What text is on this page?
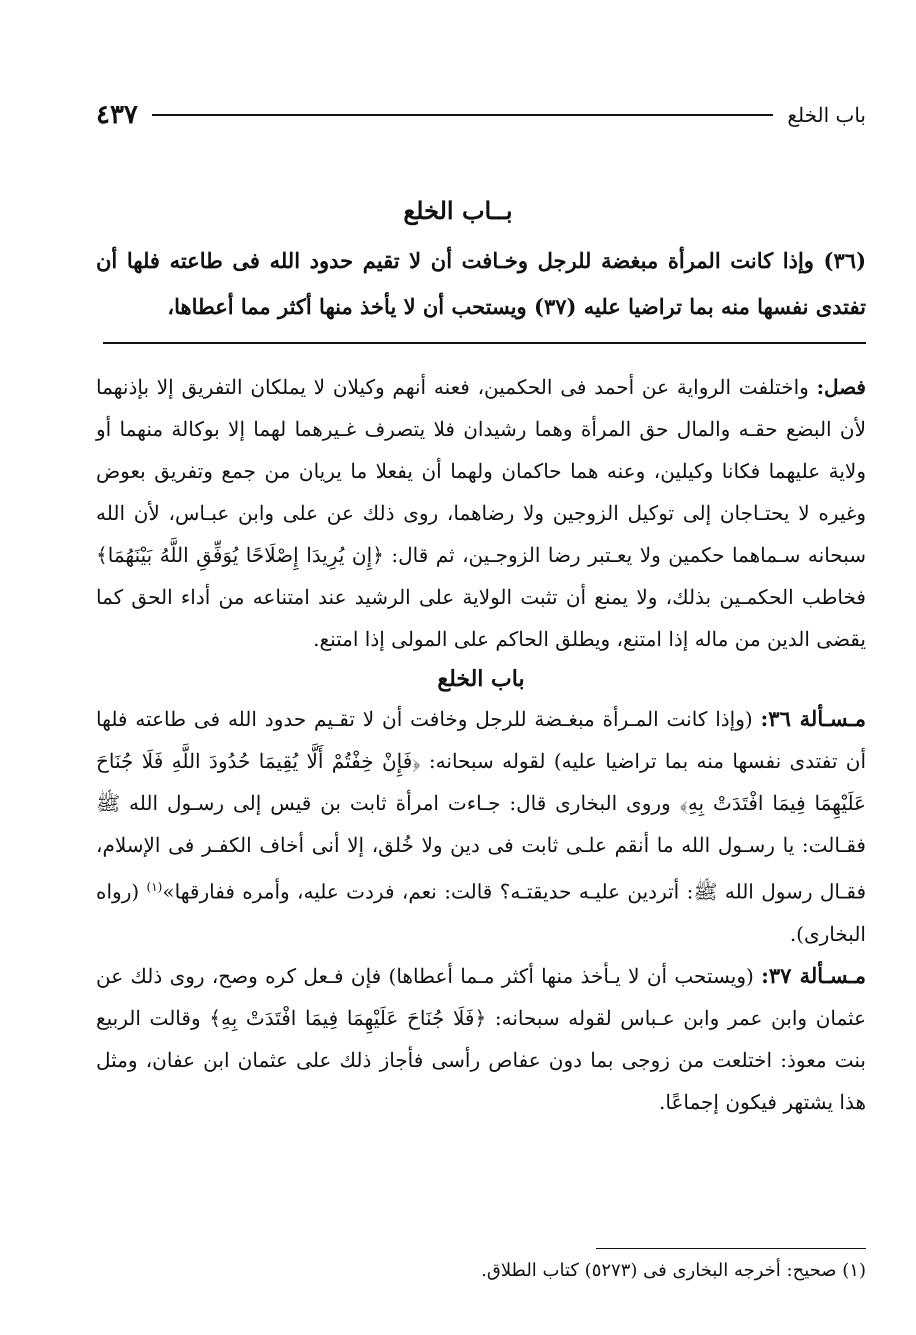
باب الخلع
٤٣٧
بــاب الخلع
(٣٦) وإذا كانت المرأة مبغضة للرجل وخـافت أن لا تقيم حدود الله فى طاعته فلها أن تفتدى نفسها منه بما تراضيا عليه (٣٧) ويستحب أن لا يأخذ منها أكثر مما أعطاها،

فصل: واختلفت الرواية عن أحمد فى الحكمين، فعنه أنهم وكيلان لا يملكان التفريق إلا بإذنهما لأن البضع حقـه والمال حق المرأة وهما رشيدان فلا يتصرف غـيرهما لهما إلا بوكالة منهما أو ولاية عليهما فكانا وكيلين، وعنه هما حاكمان ولهما أن يفعلا ما يريان من جمع وتفريق بعوض وغيره لا يحتـاجان إلى توكيل الزوجين ولا رضاهما، روى ذلك عن على وابن عبـاس، لأن الله سبحانه سـماهما حكمين ولا يعـتبر رضا الزوجـين، ثم قال: ﴿إِن يُرِيدَا إِصْلَاحًا يُوَفِّقِ اللَّهُ بَيْنَهُمَا﴾ فخاطب الحكمـين بذلك، ولا يمنع أن تثبت الولاية على الرشيد عند امتناعه من أداء الحق كما يقضى الدين من ماله إذا امتنع، ويطلق الحاكم على المولى إذا امتنع.

باب الخلع

مـسـألة ٣٦: (وإذا كانت المـرأة مبغـضة للرجل وخافت أن لا تقـيم حدود الله فى طاعته فلها أن تفتدى نفسها منه بما تراضيا عليه) لقوله سبحانه: ﴿فَإِنْ خِفْتُمْ أَلَّا يُقِيمَا حُدُودَ اللَّهِ فَلَا جُنَاحَ عَلَيْهِمَا فِيمَا افْتَدَتْ بِهِ﴾ وروى البخارى قال: جـاءت امرأة ثابت بن قيس إلى رسـول الله ﷺ فقـالت: يا رسـول الله ما أنقم علـى ثابت فى دين ولا خُلق، إلا أنى أخاف الكفـر فى الإسلام، فقـال رسول الله ﷺ: أتردين عليـه حديقتـه؟ قالت: نعم، فردت عليه، وأمره ففارقها»$^{(١)}$ (رواه البخارى).

مـسـألة ٣٧: (ويستحب أن لا يـأخذ منها أكثر مـما أعطاها) فإن فـعل كره وصح، روى ذلك عن عثمان وابن عمر وابن عـباس لقوله سبحانه: ﴿فَلَا جُنَاحَ عَلَيْهِمَا فِيمَا افْتَدَتْ بِهِ﴾ وقالت الربيع بنت معوذ: اختلعت من زوجى بما دون عفاص رأسى فأجاز ذلك على عثمان ابن عفان، ومثل هذا يشتهر فيكون إجماعًا.

(١) صحيح: أخرجه البخارى فى (٥٢٧٣) كتاب الطلاق.
